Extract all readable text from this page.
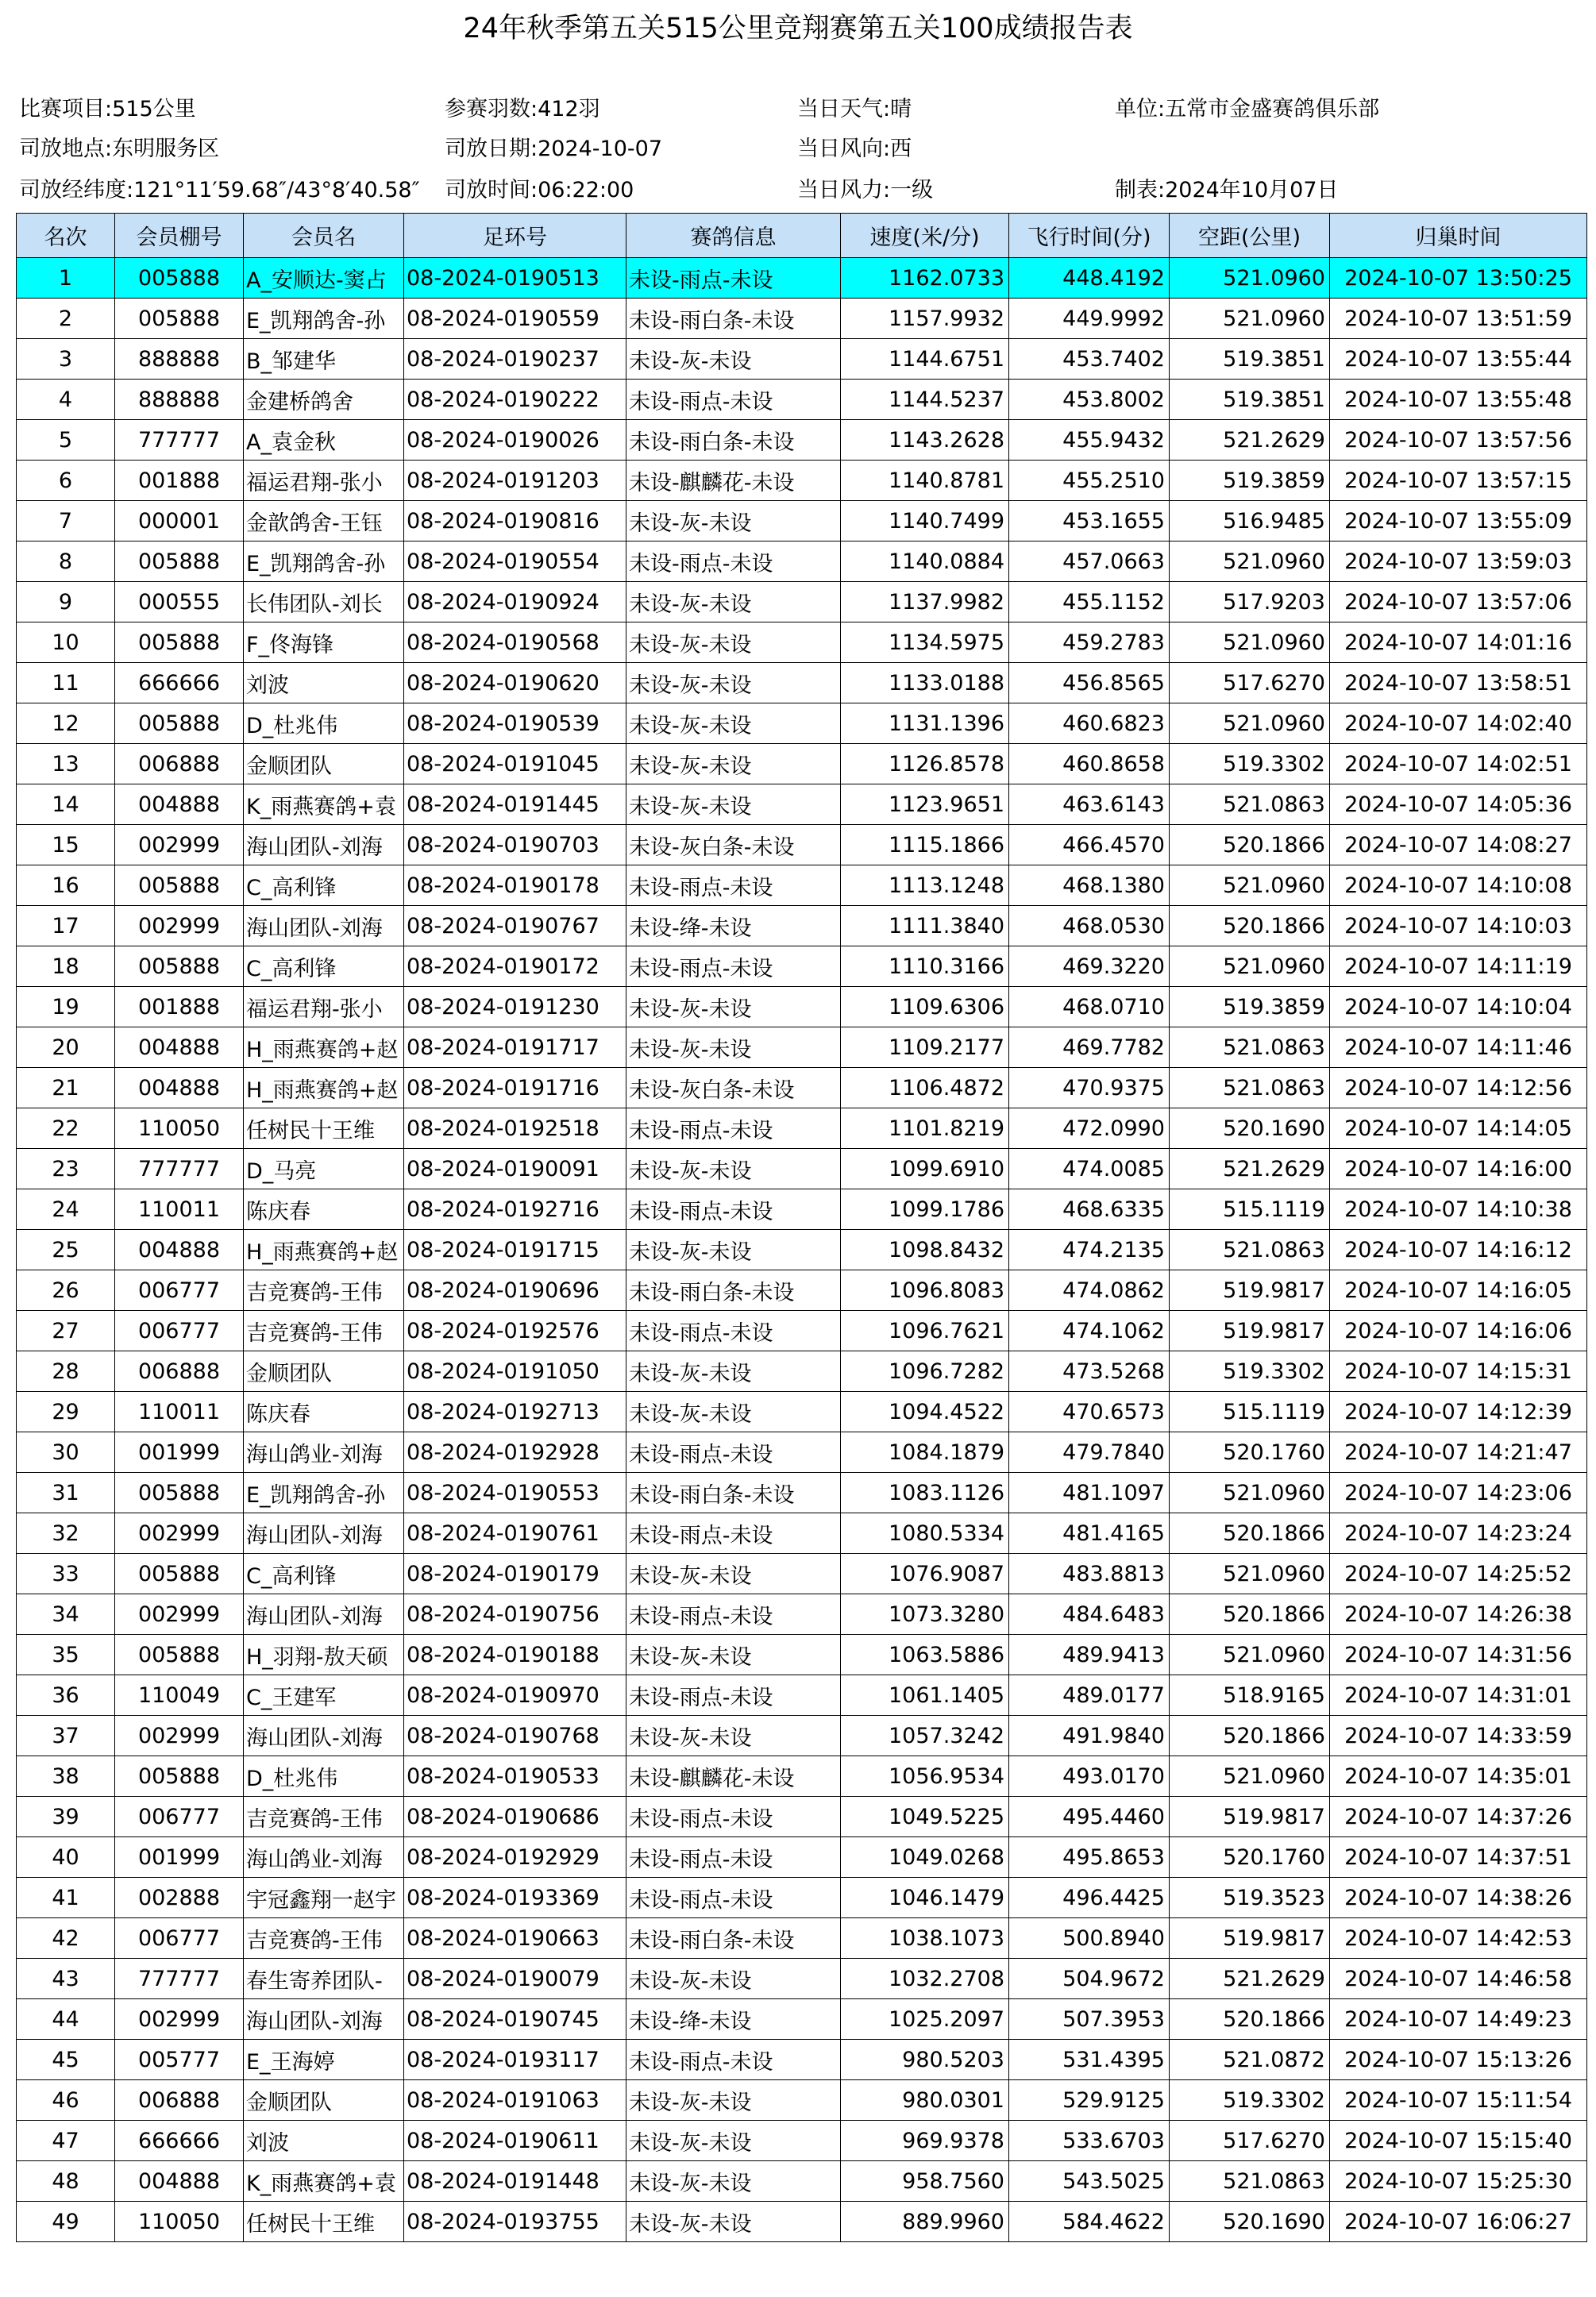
24年秋季第五关515公里竞翔赛第五关100成绩报告表
比赛项目:515公里	参赛羽数:412羽	当日天气:晴	单位:五常市金盛赛鸽俱乐部
司放地点:东明服务区	司放日期:2024-10-07	当日风向:西
司放经纬度:121°11′59.68″/43°8′40.58″ 司放时间:06:22:00	当日风力:一级	制表:2024年10月07日
名次	会员棚号	会员名	足环号	赛鸽信息	速度(米/分)	飞行时间(分)	空距(公里)	归巢时间
1	005888	A_安顺达-窦占	08-2024-0190513	未设-雨点-未设	1162.0733	448.4192	521.0960	2024-10-07 13:50:25
2	005888	E_凯翔鸽舍-孙	08-2024-0190559	未设-雨白条-未设	1157.9932	449.9992	521.0960	2024-10-07 13:51:59
3	888888	B_邹建华	08-2024-0190237	未设-灰-未设	1144.6751	453.7402	519.3851	2024-10-07 13:55:44
4	888888	金建桥鸽舍	08-2024-0190222	未设-雨点-未设	1144.5237	453.8002	519.3851	2024-10-07 13:55:48
5	777777	A_袁金秋	08-2024-0190026	未设-雨白条-未设	1143.2628	455.9432	521.2629	2024-10-07 13:57:56
6	001888	福运君翔-张小	08-2024-0191203	未设-麒麟花-未设	1140.8781	455.2510	519.3859	2024-10-07 13:57:15
7	000001	金歆鸽舍-王钰	08-2024-0190816	未设-灰-未设	1140.7499	453.1655	516.9485	2024-10-07 13:55:09
8	005888	E_凯翔鸽舍-孙	08-2024-0190554	未设-雨点-未设	1140.0884	457.0663	521.0960	2024-10-07 13:59:03
9	000555	长伟团队-刘长	08-2024-0190924	未设-灰-未设	1137.9982	455.1152	517.9203	2024-10-07 13:57:06
10	005888	F_佟海锋	08-2024-0190568	未设-灰-未设	1134.5975	459.2783	521.0960	2024-10-07 14:01:16
11	666666	刘波	08-2024-0190620	未设-灰-未设	1133.0188	456.8565	517.6270	2024-10-07 13:58:51
12	005888	D_杜兆伟	08-2024-0190539	未设-灰-未设	1131.1396	460.6823	521.0960	2024-10-07 14:02:40
13	006888	金顺团队	08-2024-0191045	未设-灰-未设	1126.8578	460.8658	519.3302	2024-10-07 14:02:51
14	004888	K_雨燕赛鸽+袁	08-2024-0191445	未设-灰-未设	1123.9651	463.6143	521.0863	2024-10-07 14:05:36
15	002999	海山团队-刘海	08-2024-0190703	未设-灰白条-未设	1115.1866	466.4570	520.1866	2024-10-07 14:08:27
16	005888	C_高利锋	08-2024-0190178	未设-雨点-未设	1113.1248	468.1380	521.0960	2024-10-07 14:10:08
17	002999	海山团队-刘海	08-2024-0190767	未设-绛-未设	1111.3840	468.0530	520.1866	2024-10-07 14:10:03
18	005888	C_高利锋	08-2024-0190172	未设-雨点-未设	1110.3166	469.3220	521.0960	2024-10-07 14:11:19
19	001888	福运君翔-张小	08-2024-0191230	未设-灰-未设	1109.6306	468.0710	519.3859	2024-10-07 14:10:04
20	004888	H_雨燕赛鸽+赵	08-2024-0191717	未设-灰-未设	1109.2177	469.7782	521.0863	2024-10-07 14:11:46
21	004888	H_雨燕赛鸽+赵	08-2024-0191716	未设-灰白条-未设	1106.4872	470.9375	521.0863	2024-10-07 14:12:56
22	110050	任树民十王维	08-2024-0192518	未设-雨点-未设	1101.8219	472.0990	520.1690	2024-10-07 14:14:05
23	777777	D_马亮	08-2024-0190091	未设-灰-未设	1099.6910	474.0085	521.2629	2024-10-07 14:16:00
24	110011	陈庆春	08-2024-0192716	未设-雨点-未设	1099.1786	468.6335	515.1119	2024-10-07 14:10:38
25	004888	H_雨燕赛鸽+赵	08-2024-0191715	未设-灰-未设	1098.8432	474.2135	521.0863	2024-10-07 14:16:12
26	006777	吉竞赛鸽-王伟	08-2024-0190696	未设-雨白条-未设	1096.8083	474.0862	519.9817	2024-10-07 14:16:05
27	006777	吉竞赛鸽-王伟	08-2024-0192576	未设-雨点-未设	1096.7621	474.1062	519.9817	2024-10-07 14:16:06
28	006888	金顺团队	08-2024-0191050	未设-灰-未设	1096.7282	473.5268	519.3302	2024-10-07 14:15:31
29	110011	陈庆春	08-2024-0192713	未设-灰-未设	1094.4522	470.6573	515.1119	2024-10-07 14:12:39
30	001999	海山鸽业-刘海	08-2024-0192928	未设-雨点-未设	1084.1879	479.7840	520.1760	2024-10-07 14:21:47
31	005888	E_凯翔鸽舍-孙	08-2024-0190553	未设-雨白条-未设	1083.1126	481.1097	521.0960	2024-10-07 14:23:06
32	002999	海山团队-刘海	08-2024-0190761	未设-雨点-未设	1080.5334	481.4165	520.1866	2024-10-07 14:23:24
33	005888	C_高利锋	08-2024-0190179	未设-灰-未设	1076.9087	483.8813	521.0960	2024-10-07 14:25:52
34	002999	海山团队-刘海	08-2024-0190756	未设-雨点-未设	1073.3280	484.6483	520.1866	2024-10-07 14:26:38
35	005888	H_羽翔-敖天硕	08-2024-0190188	未设-灰-未设	1063.5886	489.9413	521.0960	2024-10-07 14:31:56
36	110049	C_王建军	08-2024-0190970	未设-雨点-未设	1061.1405	489.0177	518.9165	2024-10-07 14:31:01
37	002999	海山团队-刘海	08-2024-0190768	未设-灰-未设	1057.3242	491.9840	520.1866	2024-10-07 14:33:59
38	005888	D_杜兆伟	08-2024-0190533	未设-麒麟花-未设	1056.9534	493.0170	521.0960	2024-10-07 14:35:01
39	006777	吉竞赛鸽-王伟	08-2024-0190686	未设-雨点-未设	1049.5225	495.4460	519.9817	2024-10-07 14:37:26
40	001999	海山鸽业-刘海	08-2024-0192929	未设-雨点-未设	1049.0268	495.8653	520.1760	2024-10-07 14:37:51
41	002888	宇冠鑫翔一赵宇	08-2024-0193369	未设-雨点-未设	1046.1479	496.4425	519.3523	2024-10-07 14:38:26
42	006777	吉竞赛鸽-王伟	08-2024-0190663	未设-雨白条-未设	1038.1073	500.8940	519.9817	2024-10-07 14:42:53
43	777777	春生寄养团队-	08-2024-0190079	未设-灰-未设	1032.2708	504.9672	521.2629	2024-10-07 14:46:58
44	002999	海山团队-刘海	08-2024-0190745	未设-绛-未设	1025.2097	507.3953	520.1866	2024-10-07 14:49:23
45	005777	E_王海婷	08-2024-0193117	未设-雨点-未设	980.5203	531.4395	521.0872	2024-10-07 15:13:26
46	006888	金顺团队	08-2024-0191063	未设-灰-未设	980.0301	529.9125	519.3302	2024-10-07 15:11:54
47	666666	刘波	08-2024-0190611	未设-灰-未设	969.9378	533.6703	517.6270	2024-10-07 15:15:40
48	004888	K_雨燕赛鸽+袁	08-2024-0191448	未设-灰-未设	958.7560	543.5025	521.0863	2024-10-07 15:25:30
49	110050	任树民十王维	08-2024-0193755	未设-灰-未设	889.9960	584.4622	520.1690	2024-10-07 16:06:27
